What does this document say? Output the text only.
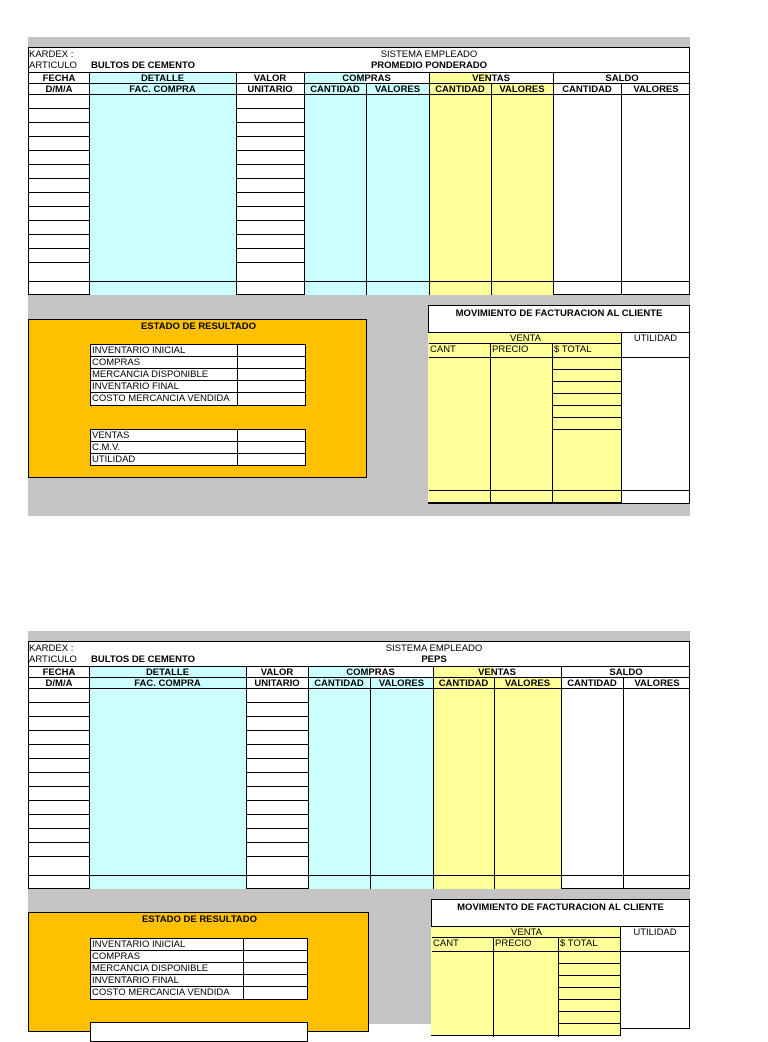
KARDEX :
ARTICULO BULTOS DE CEMENTO
SISTEMA EMPLEADO
PROMEDIO PONDERADO
FECHA	DETALLE	VALOR	COMPRAS	VENTAS	SALDO
D/M/A	FAC. COMPRA	UNITARIO	CANTIDAD	VALORES	CANTIDAD	VALORES	CANTIDAD	VALORES
ESTADO DE RESULTADO
INVENTARIO INICIAL
COMPRAS
MERCANCIA DISPONIBLE
INVENTARIO FINAL
COSTO MERCANCIA VENDIDA
VENTAS
C.M.V.
UTILIDAD
MOVIMIENTO DE FACTURACION AL CLIENTE
VENTA	UTILIDAD
CANT	PRECIO	$ TOTAL
KARDEX :
ARTICULO BULTOS DE CEMENTO
SISTEMA EMPLEADO
PEPS
FECHA	DETALLE	VALOR	COMPRAS	VENTAS	SALDO
D/M/A	FAC. COMPRA	UNITARIO	CANTIDAD	VALORES	CANTIDAD	VALORES	CANTIDAD	VALORES
ESTADO DE RESULTADO
INVENTARIO INICIAL
COMPRAS
MERCANCIA DISPONIBLE
INVENTARIO FINAL
COSTO MERCANCIA VENDIDA
MOVIMIENTO DE FACTURACION AL CLIENTE
VENTA	UTILIDAD
CANT	PRECIO	$ TOTAL
